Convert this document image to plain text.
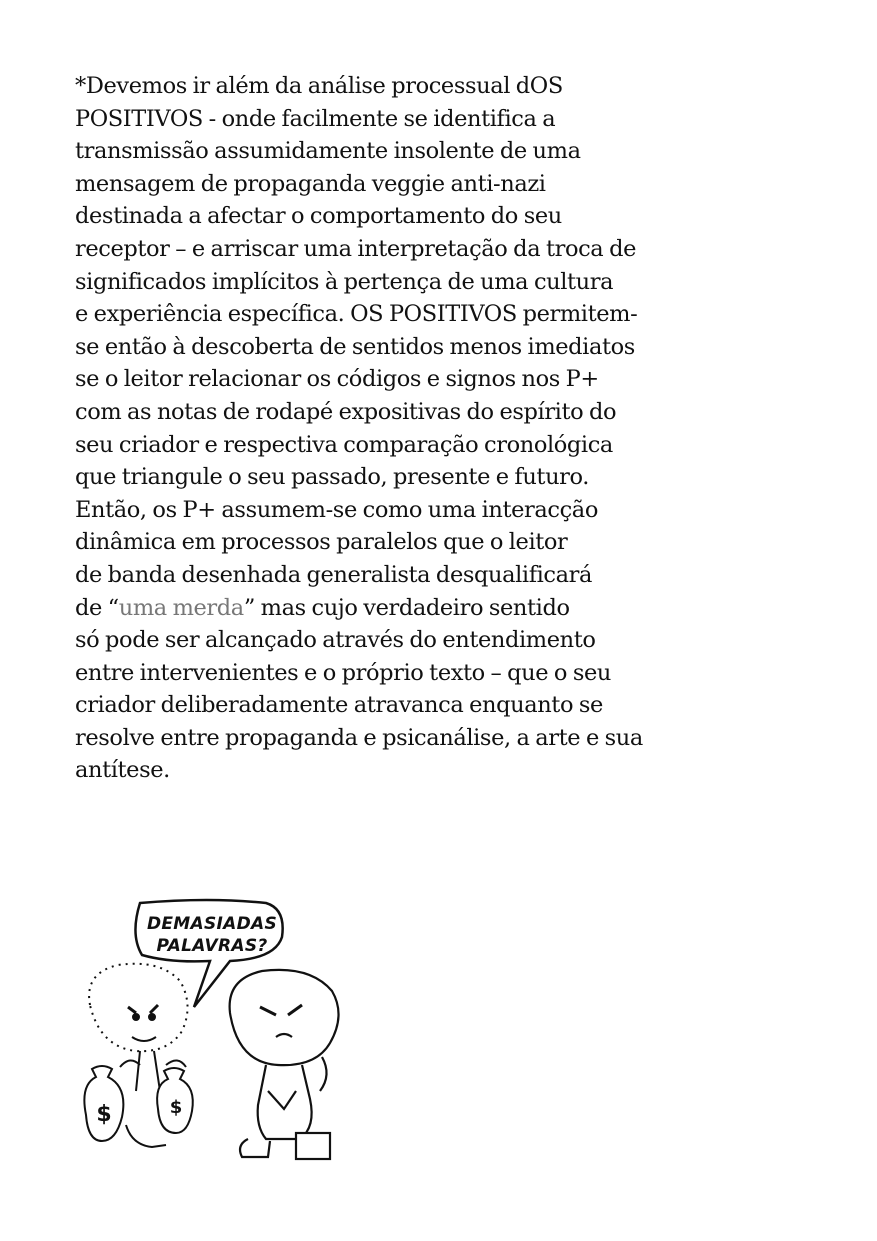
*Devemos ir além da análise processual dOS
POSITIVOS - onde facilmente se identifica a
transmissão assumidamente insolente de uma
mensagem de propaganda veggie anti-nazi
destinada a afectar o comportamento do seu
receptor – e arriscar uma interpretação da troca de
significados implícitos à pertença de uma cultura
e experiência específica. OS POSITIVOS permitem-
se então à descoberta de sentidos menos imediatos
se o leitor relacionar os códigos e signos nos P+
com as notas de rodapé expositivas do espírito do
seu criador e respectiva comparação cronológica
que triangule o seu passado, presente e futuro.
Então, os P+ assumem-se como uma interacção
dinâmica em processos paralelos que o leitor
de banda desenhada generalista desqualificará
de “uma merda” mas cujo verdadeiro sentido
só pode ser alcançado através do entendimento
entre intervenientes e o próprio texto – que o seu
criador deliberadamente atravanca enquanto se
resolve entre propaganda e psicanálise, a arte e sua
antítese.
DEMASIADAS
PALAVRAS?
$	$
